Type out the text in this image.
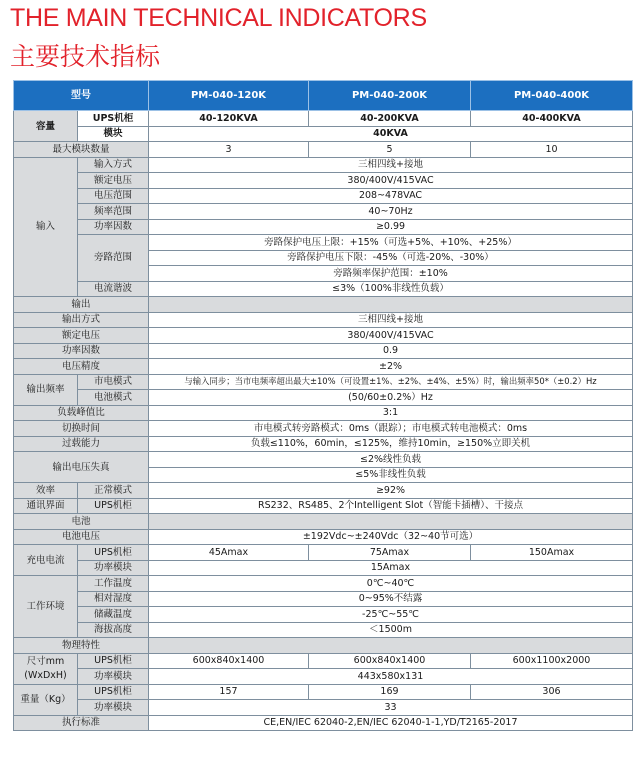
THE MAIN TECHNICAL INDICATORS
主要技术指标
型号		PM-040-120K	PM-040-200K	PM-040-400K
容量	UPS机柜	40-120KVA	40-200KVA	40-400KVA
	模块	40KVA		
最大模块数量		3	5	10
输入	输入方式	三相四线+接地		
	额定电压	380/400V/415VAC		
	电压范围	208~478VAC		
	频率范围	40~70Hz		
	功率因数	≥0.99		
	旁路范围	旁路保护电压上限：+15%（可选+5%、+10%、+25%）		
		旁路保护电压下限：-45%（可选-20%、-30%）		
		旁路频率保护范围：±10%		
	电流谐波	≤3%（100%非线性负载）		
输出				
输出方式		三相四线+接地		
额定电压		380/400V/415VAC		
功率因数		0.9		
电压精度		±2%		
输出频率	市电模式	与输入同步；当市电频率超出最大±10%（可设置±1%、±2%、±4%、±5%）时，输出频率50*（±0.2）Hz		
	电池模式	(50/60±0.2%）Hz		
负载峰值比		3:1		
切换时间		市电模式转旁路模式：0ms（跟踪）；市电模式转电池模式：0ms		
过载能力		负载≤110%，60min，≤125%，维持10min，≥150%立即关机		
输出电压失真		≤2%线性负载		
		≤5%非线性负载		
效率	正常模式	≥92%		
通讯界面	UPS机柜	RS232、RS485、2个Intelligent Slot（智能卡插槽）、干接点		
电池				
电池电压		±192Vdc~±240Vdc（32~40节可选）		
充电电流	UPS机柜	45Amax	75Amax	150Amax
	功率模块	15Amax		
工作环境	工作温度	0℃~40℃		
	相对湿度	0~95%不结露		
	储藏温度	-25℃~55℃		
	海拔高度	＜1500m		
物理特性				
尺寸mm (WxDxH)	UPS机柜	600x840x1400	600x840x1400	600x1100x2000
	功率模块	443x580x131		
重量（Kg）	UPS机柜	157	169	306
	功率模块	33		
执行标准		CE,EN/IEC 62040-2,EN/IEC 62040-1-1,YD/T2165-2017		
